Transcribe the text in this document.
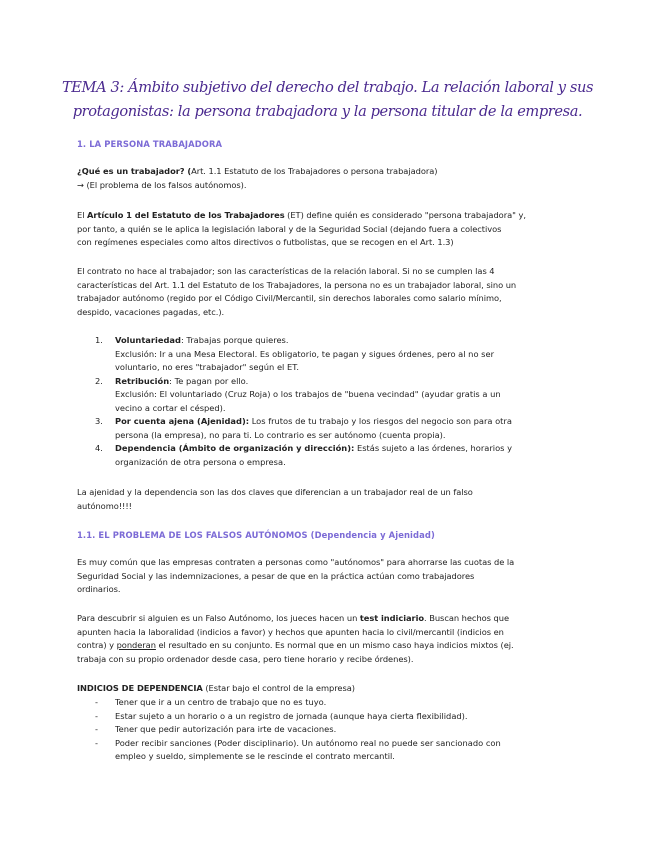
TEMA 3: Ámbito subjetivo del derecho del trabajo. La relación laboral y sus
protagonistas: la persona trabajadora y la persona titular de la empresa.
1. LA PERSONA TRABAJADORA
¿Qué es un trabajador? (Art. 1.1 Estatuto de los Trabajadores o persona trabajadora)
→ (El problema de los falsos autónomos).
El Artículo 1 del Estatuto de los Trabajadores (ET) define quién es considerado "persona trabajadora" y,
por tanto, a quién se le aplica la legislación laboral y de la Seguridad Social (dejando fuera a colectivos
con regímenes especiales como altos directivos o futbolistas, que se recogen en el Art. 1.3)
El contrato no hace al trabajador; son las características de la relación laboral. Si no se cumplen las 4
características del Art. 1.1 del Estatuto de los Trabajadores, la persona no es un trabajador laboral, sino un
trabajador autónomo (regido por el Código Civil/Mercantil, sin derechos laborales como salario mínimo,
despido, vacaciones pagadas, etc.).
1. Voluntariedad: Trabajas porque quieres.
Exclusión: Ir a una Mesa Electoral. Es obligatorio, te pagan y sigues órdenes, pero al no ser
voluntario, no eres "trabajador" según el ET.
2. Retribución: Te pagan por ello.
Exclusión: El voluntariado (Cruz Roja) o los trabajos de "buena vecindad" (ayudar gratis a un
vecino a cortar el césped).
3. Por cuenta ajena (Ajenidad): Los frutos de tu trabajo y los riesgos del negocio son para otra
persona (la empresa), no para ti. Lo contrario es ser autónomo (cuenta propia).
4. Dependencia (Ámbito de organización y dirección): Estás sujeto a las órdenes, horarios y
organización de otra persona o empresa.
La ajenidad y la dependencia son las dos claves que diferencian a un trabajador real de un falso
autónomo!!!!
1.1. EL PROBLEMA DE LOS FALSOS AUTÓNOMOS (Dependencia y Ajenidad)
Es muy común que las empresas contraten a personas como "autónomos" para ahorrarse las cuotas de la
Seguridad Social y las indemnizaciones, a pesar de que en la práctica actúan como trabajadores
ordinarios.
Para descubrir si alguien es un Falso Autónomo, los jueces hacen un test indiciario. Buscan hechos que
apunten hacia la laboralidad (indicios a favor) y hechos que apunten hacia lo civil/mercantil (indicios en
contra) y ponderan el resultado en su conjunto. Es normal que en un mismo caso haya indicios mixtos (ej.
trabaja con su propio ordenador desde casa, pero tiene horario y recibe órdenes).
INDICIOS DE DEPENDENCIA (Estar bajo el control de la empresa)
- Tener que ir a un centro de trabajo que no es tuyo.
- Estar sujeto a un horario o a un registro de jornada (aunque haya cierta flexibilidad).
- Tener que pedir autorización para irte de vacaciones.
- Poder recibir sanciones (Poder disciplinario). Un autónomo real no puede ser sancionado con
empleo y sueldo, simplemente se le rescinde el contrato mercantil.
